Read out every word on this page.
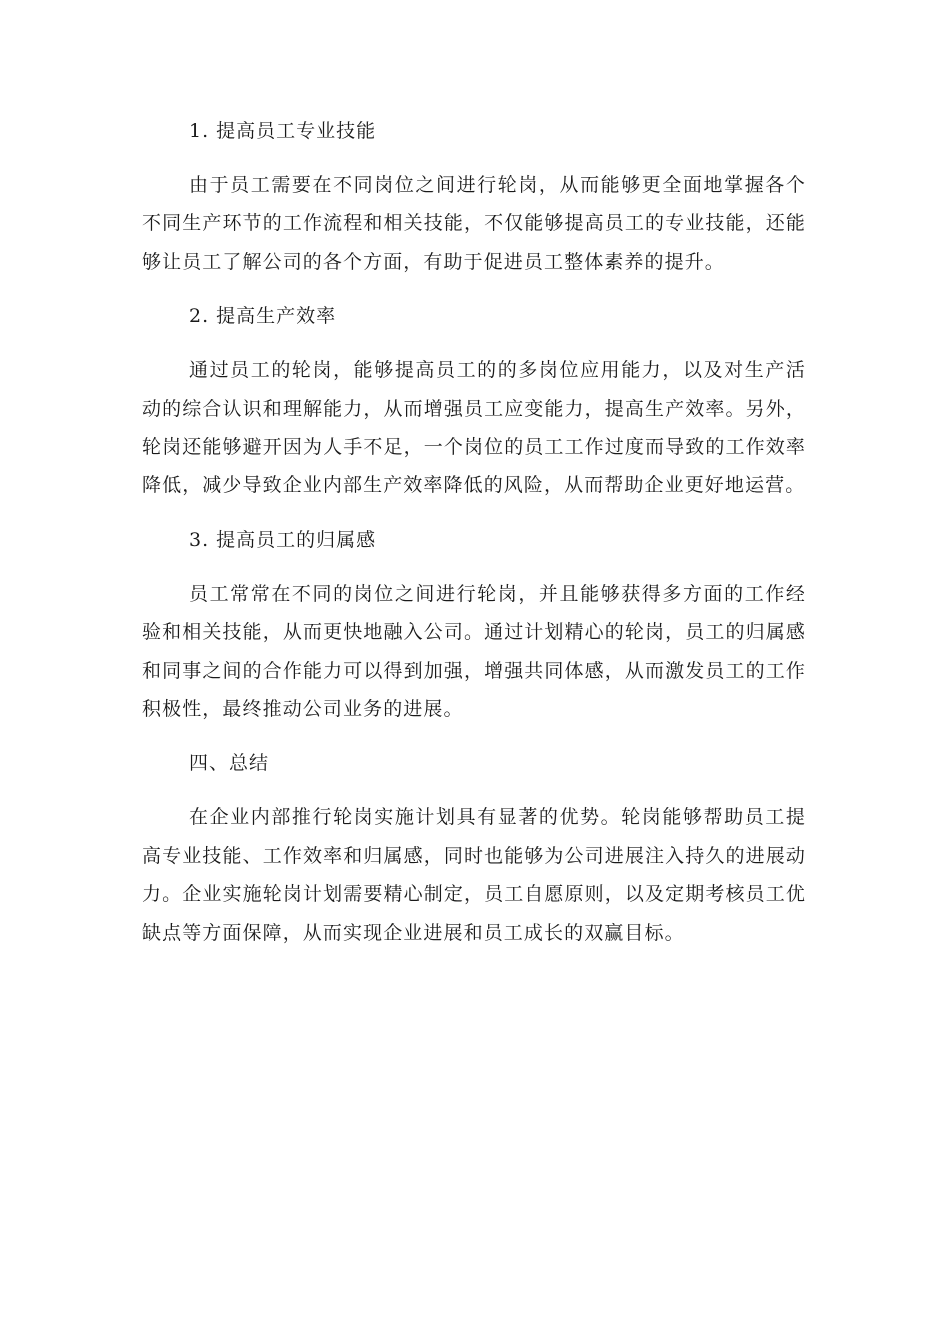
1. 提高员工专业技能

由于员工需要在不同岗位之间进行轮岗，从而能够更全面地掌握各个不同生产环节的工作流程和相关技能，不仅能够提高员工的专业技能，还能够让员工了解公司的各个方面，有助于促进员工整体素养的提升。

2. 提高生产效率

通过员工的轮岗，能够提高员工的的多岗位应用能力，以及对生产活动的综合认识和理解能力，从而增强员工应变能力，提高生产效率。另外，轮岗还能够避开因为人手不足，一个岗位的员工工作过度而导致的工作效率降低，减少导致企业内部生产效率降低的风险，从而帮助企业更好地运营。

3. 提高员工的归属感

员工常常在不同的岗位之间进行轮岗，并且能够获得多方面的工作经验和相关技能，从而更快地融入公司。通过计划精心的轮岗，员工的归属感和同事之间的合作能力可以得到加强，增强共同体感，从而激发员工的工作积极性，最终推动公司业务的进展。

四、总结

在企业内部推行轮岗实施计划具有显著的优势。轮岗能够帮助员工提高专业技能、工作效率和归属感，同时也能够为公司进展注入持久的进展动力。企业实施轮岗计划需要精心制定，员工自愿原则，以及定期考核员工优缺点等方面保障，从而实现企业进展和员工成长的双赢目标。
